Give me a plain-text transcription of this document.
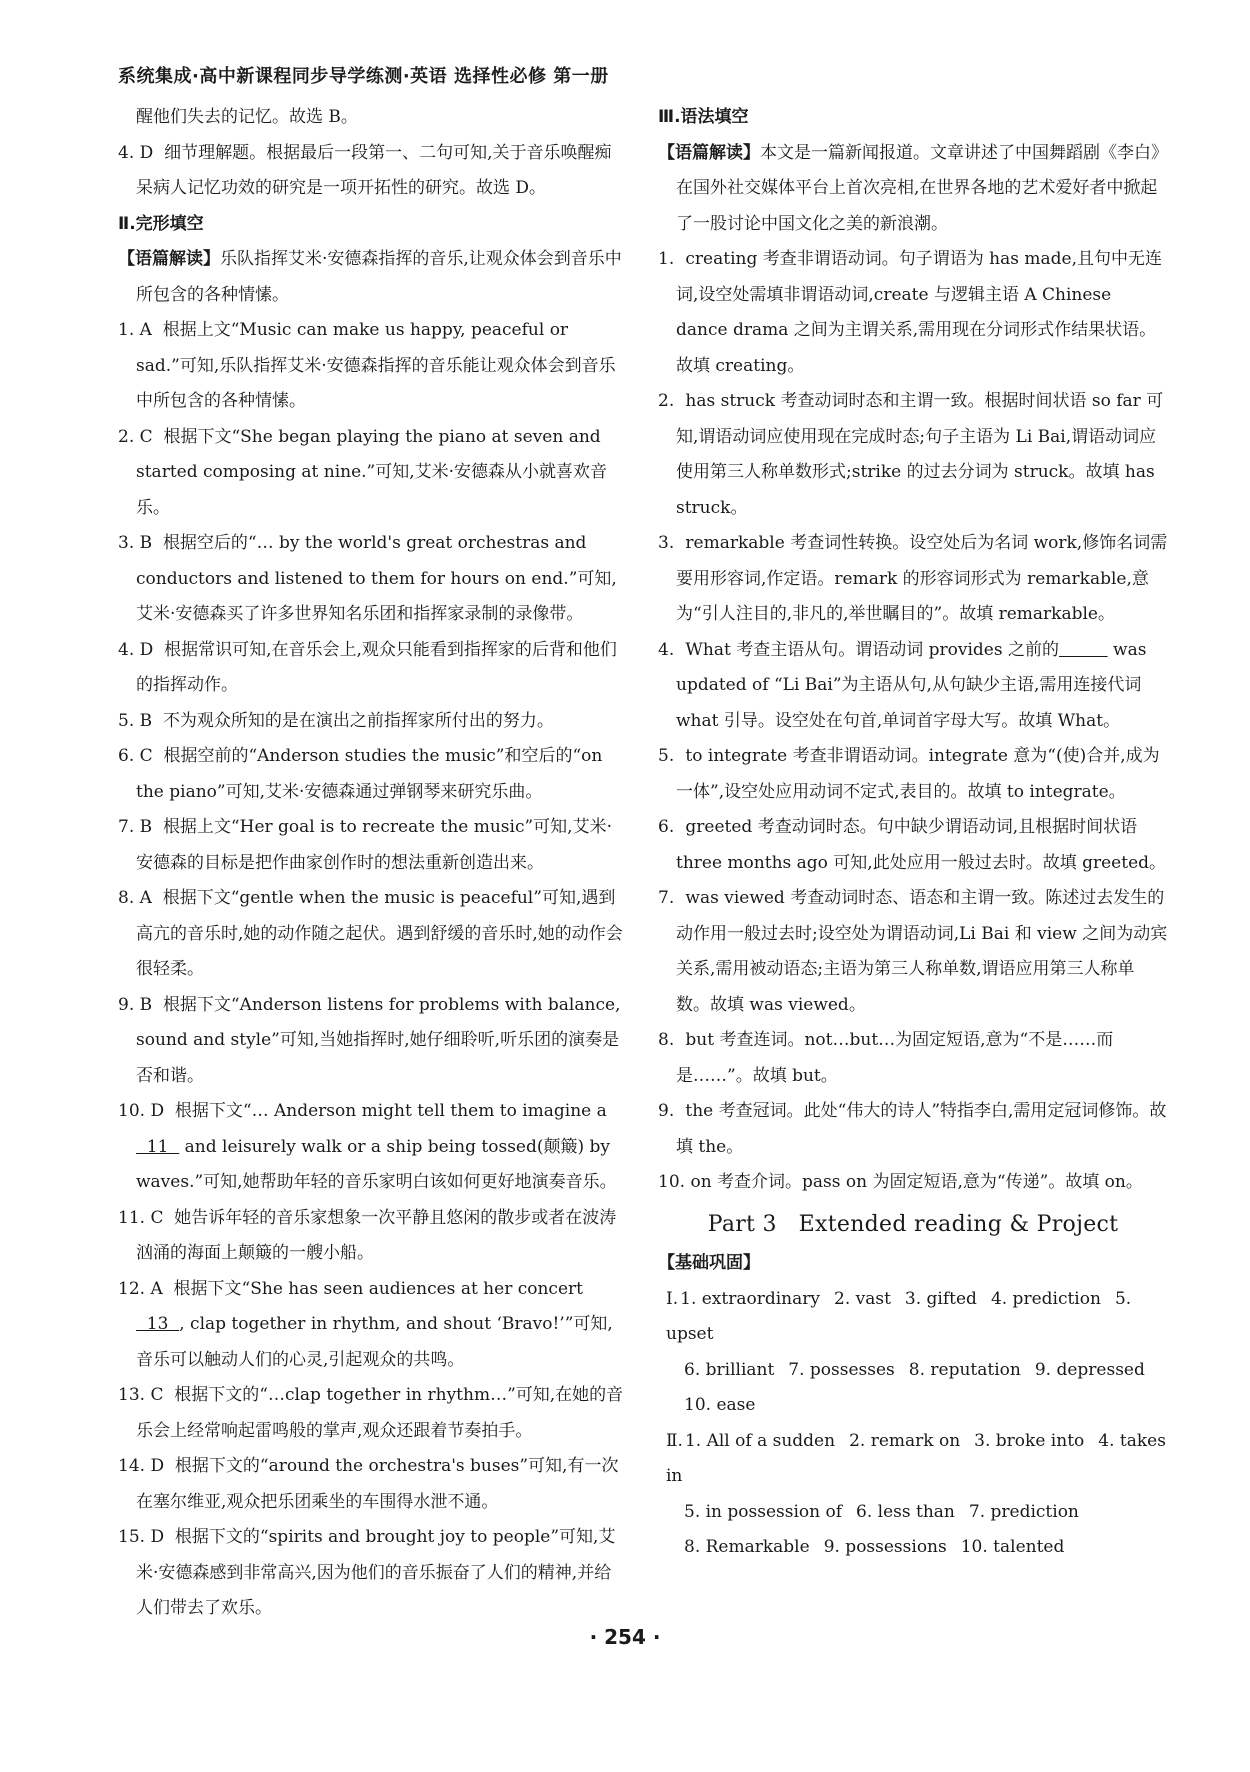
系统集成·高中新课程同步导学练测·英语 选择性必修 第一册

醒他们失去的记忆。故选 B。

4. D 细节理解题。根据最后一段第一、二句可知,关于音乐唤醒痴呆病人记忆功效的研究是一项开拓性的研究。故选 D。

Ⅱ.完形填空

【语篇解读】乐队指挥艾米·安德森指挥的音乐,让观众体会到音乐中所包含的各种情愫。

1. A 根据上文“Music can make us happy, peaceful or sad.”可知,乐队指挥艾米·安德森指挥的音乐能让观众体会到音乐中所包含的各种情愫。

2. C 根据下文“She began playing the piano at seven and started composing at nine.”可知,艾米·安德森从小就喜欢音乐。

3. B 根据空后的“… by the world's great orchestras and conductors and listened to them for hours on end.”可知,艾米·安德森买了许多世界知名乐团和指挥家录制的录像带。

4. D 根据常识可知,在音乐会上,观众只能看到指挥家的后背和他们的指挥动作。

5. B 不为观众所知的是在演出之前指挥家所付出的努力。

6. C 根据空前的“Anderson studies the music”和空后的“on the piano”可知,艾米·安德森通过弹钢琴来研究乐曲。

7. B 根据上文“Her goal is to recreate the music”可知,艾米·安德森的目标是把作曲家创作时的想法重新创造出来。

8. A 根据下文“gentle when the music is peaceful”可知,遇到高亢的音乐时,她的动作随之起伏。遇到舒缓的音乐时,她的动作会很轻柔。

9. B 根据下文“Anderson listens for problems with balance, sound and style”可知,当她指挥时,她仔细聆听,听乐团的演奏是否和谐。

10. D 根据下文“… Anderson might tell them to imagine a   11   and leisurely walk or a ship being tossed(颠簸) by waves.”可知,她帮助年轻的音乐家明白该如何更好地演奏音乐。

11. C 她告诉年轻的音乐家想象一次平静且悠闲的散步或者在波涛汹涌的海面上颠簸的一艘小船。

12. A 根据下文“She has seen audiences at her concert   13  , clap together in rhythm, and shout ‘Bravo!’”可知,音乐可以触动人们的心灵,引起观众的共鸣。

13. C 根据下文的“…clap together in rhythm…”可知,在她的音乐会上经常响起雷鸣般的掌声,观众还跟着节奏拍手。

14. D 根据下文的“around the orchestra's buses”可知,有一次在塞尔维亚,观众把乐团乘坐的车围得水泄不通。

15. D 根据下文的“spirits and brought joy to people”可知,艾米·安德森感到非常高兴,因为他们的音乐振奋了人们的精神,并给人们带去了欢乐。

Ⅲ.语法填空

【语篇解读】本文是一篇新闻报道。文章讲述了中国舞蹈剧《李白》在国外社交媒体平台上首次亮相,在世界各地的艺术爱好者中掀起了一股讨论中国文化之美的新浪潮。

1. creating 考查非谓语动词。句子谓语为 has made,且句中无连词,设空处需填非谓语动词,create 与逻辑主语 A Chinese dance drama 之间为主谓关系,需用现在分词形式作结果状语。故填 creating。

2. has struck 考查动词时态和主谓一致。根据时间状语 so far 可知,谓语动词应使用现在完成时态;句子主语为 Li Bai,谓语动词应使用第三人称单数形式;strike 的过去分词为 struck。故填 has struck。

3. remarkable 考查词性转换。设空处后为名词 work,修饰名词需要用形容词,作定语。remark 的形容词形式为 remarkable,意为“引人注目的,非凡的,举世瞩目的”。故填 remarkable。

4. What 考查主语从句。谓语动词 provides 之前的	was updated of “Li Bai”为主语从句,从句缺少主语,需用连接代词 what 引导。设空处在句首,单词首字母大写。故填 What。

5. to integrate 考查非谓语动词。integrate 意为“(使)合并,成为一体”,设空处应用动词不定式,表目的。故填 to integrate。

6. greeted 考查动词时态。句中缺少谓语动词,且根据时间状语 three months ago 可知,此处应用一般过去时。故填 greeted。

7. was viewed 考查动词时态、语态和主谓一致。陈述过去发生的动作用一般过去时;设空处为谓语动词,Li Bai 和 view 之间为动宾关系,需用被动语态;主语为第三人称单数,谓语应用第三人称单数。故填 was viewed。

8. but 考查连词。not…but…为固定短语,意为“不是……而是……”。故填 but。

9. the 考查冠词。此处“伟大的诗人”特指李白,需用定冠词修饰。故填 the。

10. on 考查介词。pass on 为固定短语,意为“传递”。故填 on。

Part 3   Extended reading & Project

【基础巩固】

Ⅰ. 1. extraordinary 2. vast 3. gifted 4. prediction 5. upset

6. brilliant 7. possesses 8. reputation 9. depressed

10. ease

Ⅱ. 1. All of a sudden 2. remark on 3. broke into 4. takes in

5. in possession of 6. less than 7. prediction

8. Remarkable 9. possessions 10. talented

· 254 ·
